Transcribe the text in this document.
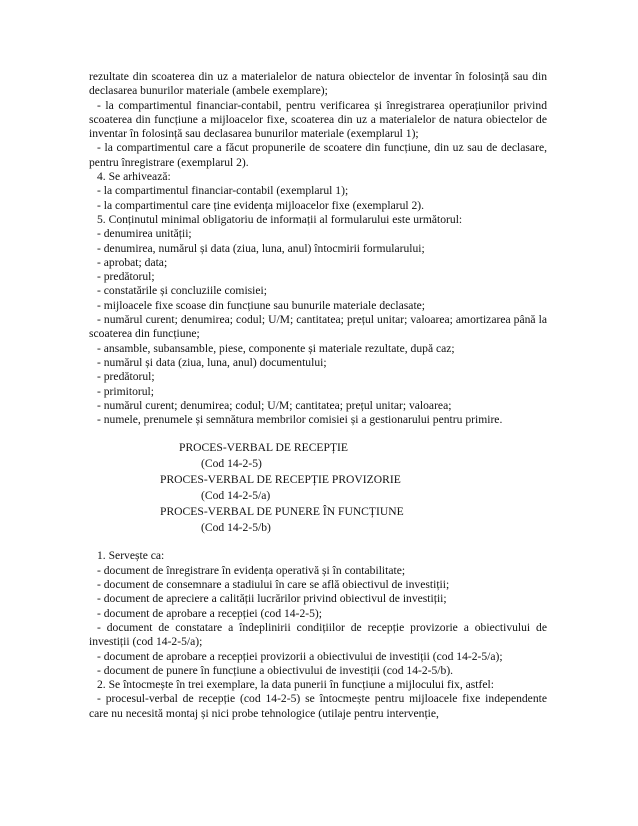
rezultate din scoaterea din uz a materialelor de natura obiectelor de inventar în folosință sau din declasarea bunurilor materiale (ambele exemplare);

- la compartimentul financiar-contabil, pentru verificarea și înregistrarea operațiunilor privind scoaterea din funcțiune a mijloacelor fixe, scoaterea din uz a materialelor de natura obiectelor de inventar în folosință sau declasarea bunurilor materiale (exemplarul 1);

- la compartimentul care a făcut propunerile de scoatere din funcțiune, din uz sau de declasare, pentru înregistrare (exemplarul 2).

4. Se arhivează:

- la compartimentul financiar-contabil (exemplarul 1);

- la compartimentul care ține evidența mijloacelor fixe (exemplarul 2).

5. Conținutul minimal obligatoriu de informații al formularului este următorul:

- denumirea unității;

- denumirea, numărul și data (ziua, luna, anul) întocmirii formularului;

- aprobat; data;

- predătorul;

- constatările și concluziile comisiei;

- mijloacele fixe scoase din funcțiune sau bunurile materiale declasate;

- numărul curent; denumirea; codul; U/M; cantitatea; prețul unitar; valoarea; amortizarea până la scoaterea din funcțiune;

- ansamble, subansamble, piese, componente și materiale rezultate, după caz;

- numărul și data (ziua, luna, anul) documentului;

- predătorul;

- primitorul;

- numărul curent; denumirea; codul; U/M; cantitatea; prețul unitar; valoarea;

- numele, prenumele și semnătura membrilor comisiei și a gestionarului pentru primire.

PROCES-VERBAL DE RECEPȚIE
(Cod 14-2-5)
PROCES-VERBAL DE RECEPȚIE PROVIZORIE
(Cod 14-2-5/a)
PROCES-VERBAL DE PUNERE ÎN FUNCȚIUNE
(Cod 14-2-5/b)

1. Servește ca:

- document de înregistrare în evidența operativă și în contabilitate;

- document de consemnare a stadiului în care se află obiectivul de investiții;

- document de apreciere a calității lucrărilor privind obiectivul de investiții;

- document de aprobare a recepției (cod 14-2-5);

- document de constatare a îndeplinirii condițiilor de recepție provizorie a obiectivului de investiții (cod 14-2-5/a);

- document de aprobare a recepției provizorii a obiectivului de investiții (cod 14-2-5/a);

- document de punere în funcțiune a obiectivului de investiții (cod 14-2-5/b).

2. Se întocmește în trei exemplare, la data punerii în funcțiune a mijlocului fix, astfel:

- procesul-verbal de recepție (cod 14-2-5) se întocmește pentru mijloacele fixe independente care nu necesită montaj și nici probe tehnologice (utilaje pentru intervenție,
